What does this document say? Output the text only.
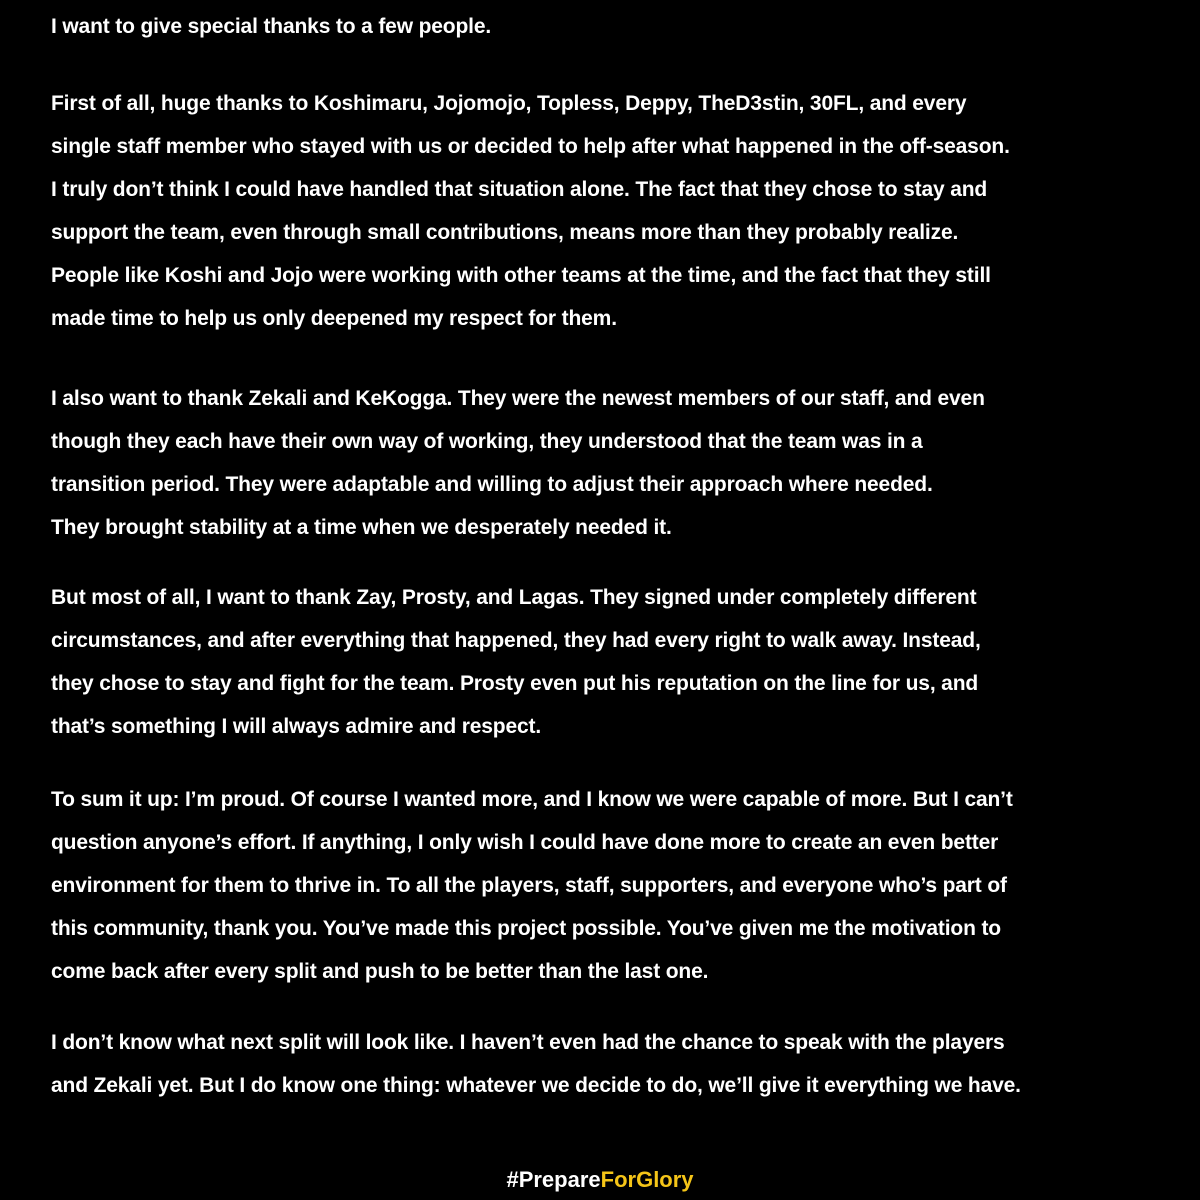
I want to give special thanks to a few people.
First of all, huge thanks to Koshimaru, Jojomojo, Topless, Deppy, TheD3stin, 30FL, and every
single staff member who stayed with us or decided to help after what happened in the off-season.
I truly don’t think I could have handled that situation alone. The fact that they chose to stay and
support the team, even through small contributions, means more than they probably realize.
People like Koshi and Jojo were working with other teams at the time, and the fact that they still
made time to help us only deepened my respect for them.
I also want to thank Zekali and KeKogga. They were the newest members of our staff, and even
though they each have their own way of working, they understood that the team was in a
transition period. They were adaptable and willing to adjust their approach where needed.
They brought stability at a time when we desperately needed it.
But most of all, I want to thank Zay, Prosty, and Lagas. They signed under completely different
circumstances, and after everything that happened, they had every right to walk away. Instead,
they chose to stay and fight for the team. Prosty even put his reputation on the line for us, and
that’s something I will always admire and respect.
To sum it up: I’m proud. Of course I wanted more, and I know we were capable of more. But I can’t
question anyone’s effort. If anything, I only wish I could have done more to create an even better
environment for them to thrive in. To all the players, staff, supporters, and everyone who’s part of
this community, thank you. You’ve made this project possible. You’ve given me the motivation to
come back after every split and push to be better than the last one.
I don’t know what next split will look like. I haven’t even had the chance to speak with the players
and Zekali yet. But I do know one thing: whatever we decide to do, we’ll give it everything we have.
#PrepareForGlory
